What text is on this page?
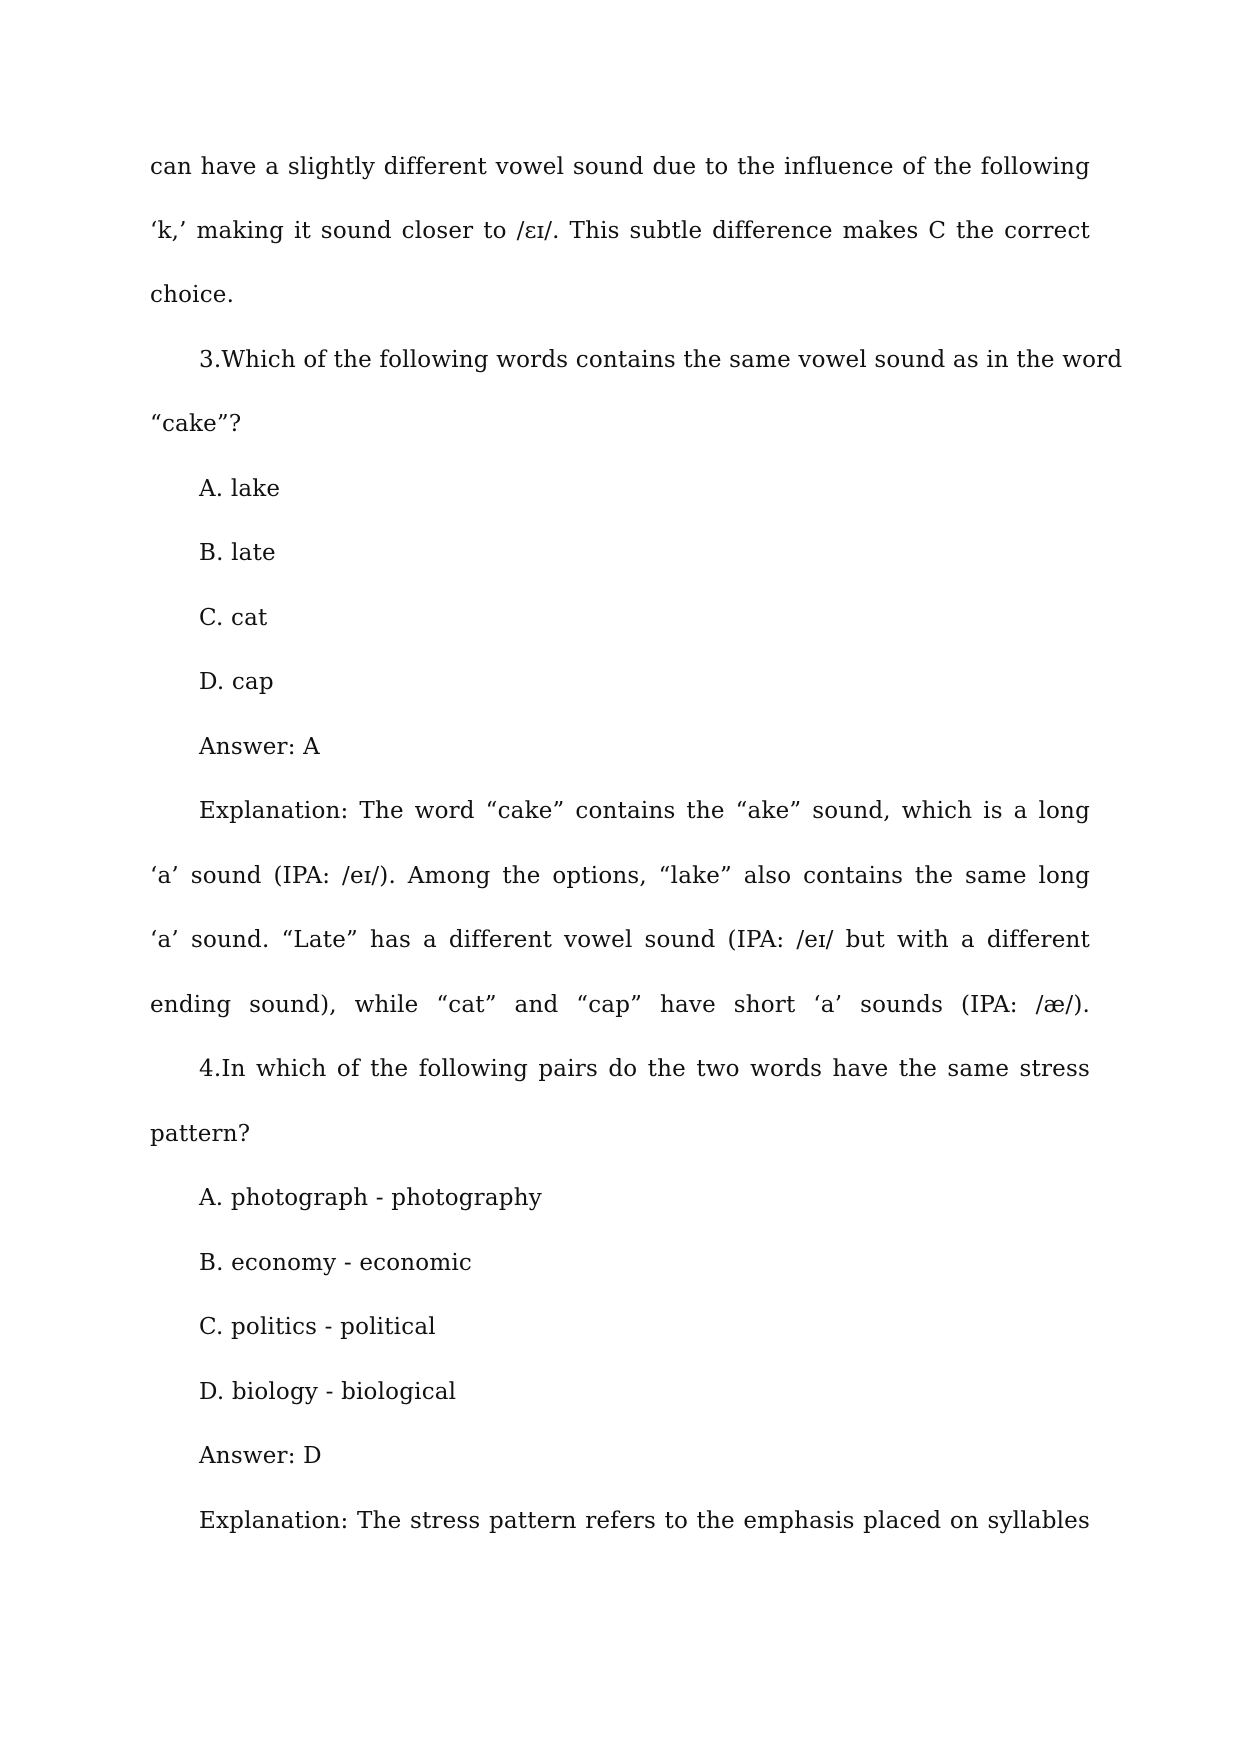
can have a slightly different vowel sound due to the influence of the following
‘k,’ making it sound closer to /ɛɪ/. This subtle difference makes C the correct
choice.
3.Which of the following words contains the same vowel sound as in the word
“cake”?
A. lake
B. late
C. cat
D. cap
Answer: A
Explanation: The word “cake” contains the “ake” sound, which is a long
‘a’ sound (IPA: /eɪ/). Among the options, “lake” also contains the same long
‘a’ sound. “Late” has a different vowel sound (IPA: /eɪ/ but with a different
ending sound), while “cat” and “cap” have short ‘a’ sounds (IPA: /æ/).
4.In which of the following pairs do the two words have the same stress
pattern?
A. photograph - photography
B. economy - economic
C. politics - political
D. biology - biological
Answer: D
Explanation: The stress pattern refers to the emphasis placed on syllables
